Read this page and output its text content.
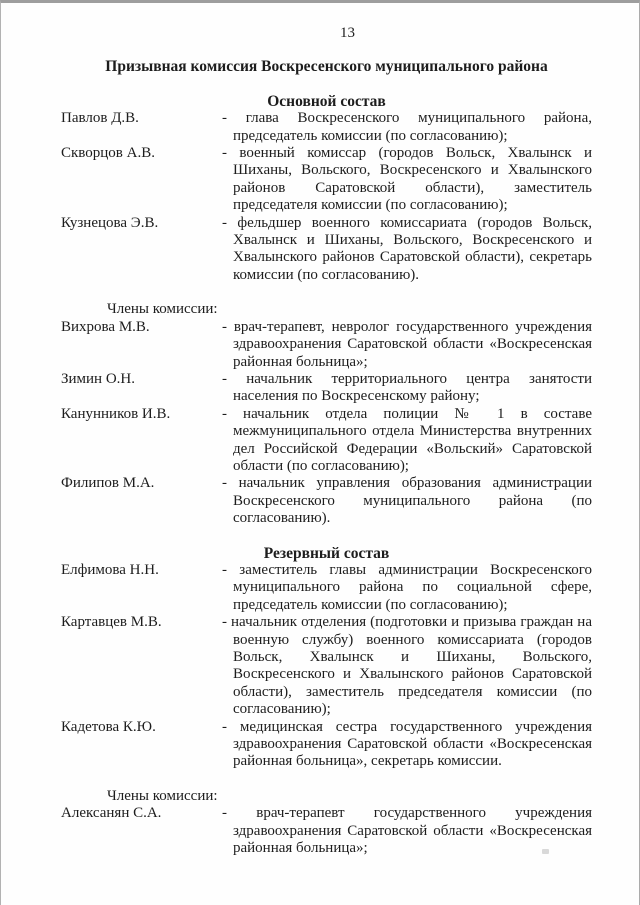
13
Призывная комиссия Воскресенского муниципального района
Основной состав
Павлов Д.В.	- глава Воскресенского муниципального района, председатель комиссии (по согласованию);
Скворцов А.В.	- военный комиссар (городов Вольск, Хвалынск и Шиханы, Вольского, Воскресенского и Хвалынского районов Саратовской области), заместитель председателя комиссии (по согласованию);
Кузнецова Э.В.	- фельдшер военного комиссариата (городов Вольск, Хвалынск и Шиханы, Вольского, Воскресенского и Хвалынского районов Саратовской области), секретарь комиссии (по согласованию).
Члены комиссии:
Вихрова М.В.	- врач-терапевт, невролог государственного учреждения здравоохранения Саратовской области «Воскресенская районная больница»;
Зимин О.Н.	- начальник территориального центра занятости населения по Воскресенскому району;
Канунников И.В.	- начальник отдела полиции № 1 в составе межмуниципального отдела Министерства внутренних дел Российской Федерации «Вольский» Саратовской области (по согласованию);
Филипов М.А.	- начальник управления образования администрации Воскресенского муниципального района (по согласованию).
Резервный состав
Елфимова Н.Н.	- заместитель главы администрации Воскресенского муниципального района по социальной сфере, председатель комиссии (по согласованию);
Картавцев М.В.	- начальник отделения (подготовки и призыва граждан на военную службу) военного комиссариата (городов Вольск, Хвалынск и Шиханы, Вольского, Воскресенского и Хвалынского районов Саратовской области), заместитель председателя комиссии (по согласованию);
Кадетова К.Ю.	- медицинская сестра государственного учреждения здравоохранения Саратовской области «Воскресенская районная больница», секретарь комиссии.
Члены комиссии:
Алексанян С.А.	- врач-терапевт государственного учреждения здравоохранения Саратовской области «Воскресенская районная больница»;
